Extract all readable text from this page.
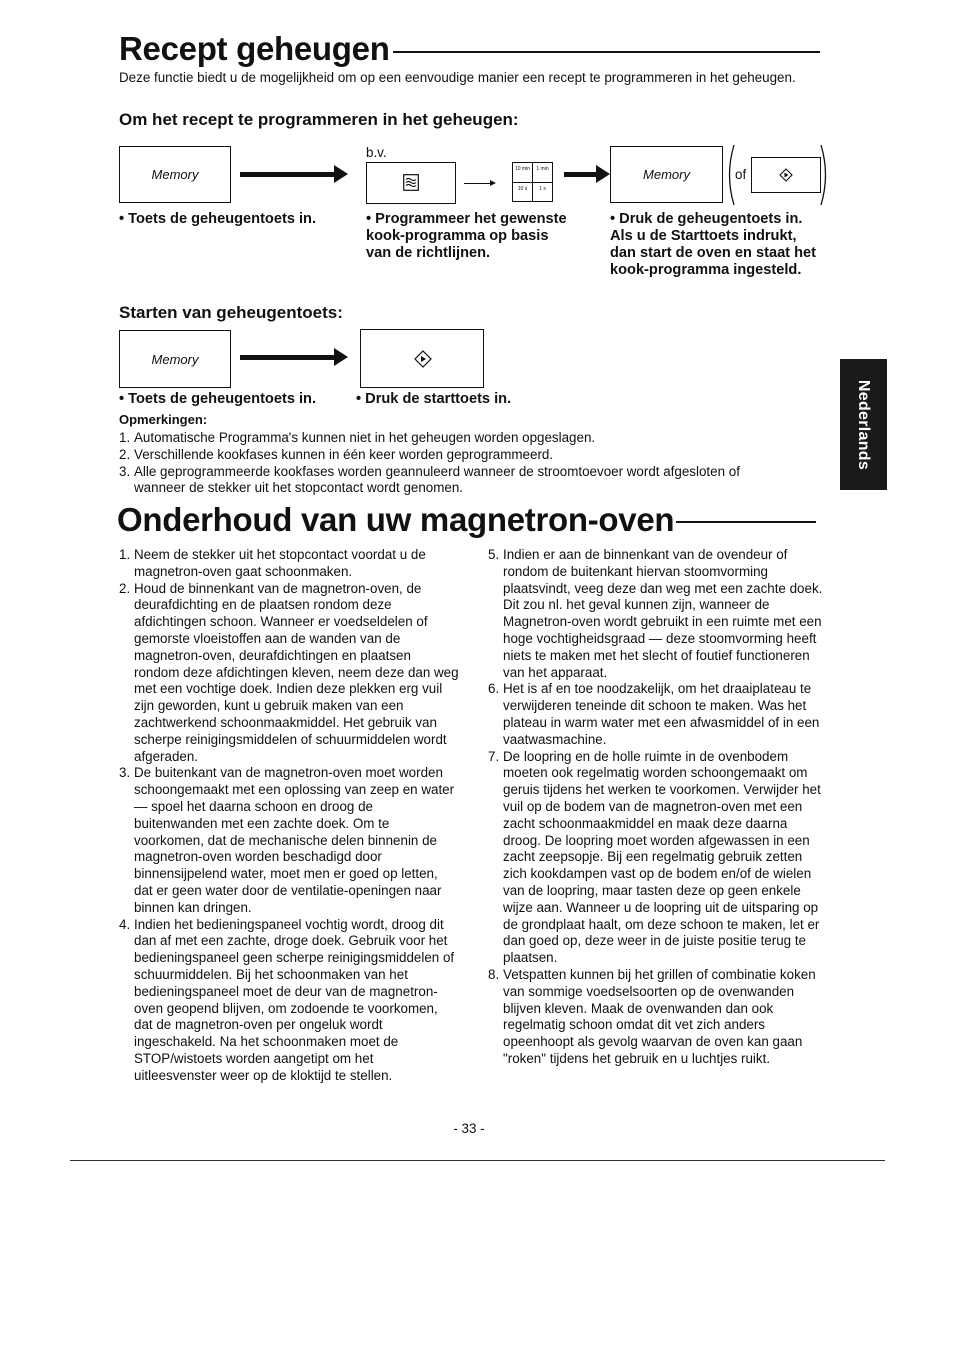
Recept geheugen
Deze functie biedt u de mogelijkheid om op een eenvoudige manier een recept te programmeren in het geheugen.
Om het recept te programmeren in het geheugen:
Memory
b.v.
10 min	1 min
10 s	1 s
Memory	of
• Toets de geheugentoets in.	• Programmeer het gewenste kook-programma op basis van de richtlijnen.
• Druk de geheugentoets in. Als u de Starttoets indrukt, dan start de oven en staat het kook-programma ingesteld.
Starten van geheugentoets:
Memory
• Toets de geheugentoets in.	• Druk de starttoets in.
Opmerkingen:
1. Automatische Programma's kunnen niet in het geheugen worden opgeslagen.
2. Verschillende kookfases kunnen in één keer worden geprogrammeerd.
3. Alle geprogrammeerde kookfases worden geannuleerd wanneer de stroomtoevoer wordt afgesloten of wanneer de stekker uit het stopcontact wordt genomen.
Onderhoud van uw magnetron-oven
1. Neem de stekker uit het stopcontact voordat u de magnetron-oven gaat schoonmaken.
2. Houd de binnenkant van de magnetron-oven, de deurafdichting en de plaatsen rondom deze afdichtingen schoon. Wanneer er voedseldelen of gemorste vloeistoffen aan de wanden van de magnetron-oven, deurafdichtingen en plaatsen rondom deze afdichtingen kleven, neem deze dan weg met een vochtige doek. Indien deze plekken erg vuil zijn geworden, kunt u gebruik maken van een zachtwerkend schoonmaakmiddel. Het gebruik van scherpe reinigingsmiddelen of schuurmiddelen wordt afgeraden.
3. De buitenkant van de magnetron-oven moet worden schoongemaakt met een oplossing van zeep en water — spoel het daarna schoon en droog de buitenwanden met een zachte doek. Om te voorkomen, dat de mechanische delen binnenin de magnetron-oven worden beschadigd door binnensijpelend water, moet men er goed op letten, dat er geen water door de ventilatie-openingen naar binnen kan dringen.
4. Indien het bedieningspaneel vochtig wordt, droog dit dan af met een zachte, droge doek. Gebruik voor het bedieningspaneel geen scherpe reinigingsmiddelen of schuurmiddelen. Bij het schoonmaken van het bedieningspaneel moet de deur van de magnetron-oven geopend blijven, om zodoende te voorkomen, dat de magnetron-oven per ongeluk wordt ingeschakeld. Na het schoonmaken moet de STOP/wistoets worden aangetipt om het uitleesvenster weer op de kloktijd te stellen.
5. Indien er aan de binnenkant van de ovendeur of rondom de buitenkant hiervan stoomvorming plaatsvindt, veeg deze dan weg met een zachte doek. Dit zou nl. het geval kunnen zijn, wanneer de Magnetron-oven wordt gebruikt in een ruimte met een hoge vochtigheidsgraad — deze stoomvorming heeft niets te maken met het slecht of foutief functioneren van het apparaat.
6. Het is af en toe noodzakelijk, om het draaiplateau te verwijderen teneinde dit schoon te maken. Was het plateau in warm water met een afwasmiddel of in een vaatwasmachine.
7. De loopring en de holle ruimte in de ovenbodem moeten ook regelmatig worden schoongemaakt om geruis tijdens het werken te voorkomen. Verwijder het vuil op de bodem van de magnetron-oven met een zacht schoonmaakmiddel en maak deze daarna droog. De loopring moet worden afgewassen in een zacht zeepsopje. Bij een regelmatig gebruik zetten zich kookdampen vast op de bodem en/of de wielen van de loopring, maar tasten deze op geen enkele wijze aan. Wanneer u de loopring uit de uitsparing op de grondplaat haalt, om deze schoon te maken, let er dan goed op, deze weer in de juiste positie terug te plaatsen.
8. Vetspatten kunnen bij het grillen of combinatie koken van sommige voedselsoorten op de ovenwanden blijven kleven. Maak de ovenwanden dan ook regelmatig schoon omdat dit vet zich anders opeenhoopt als gevolg waarvan de oven kan gaan "roken" tijdens het gebruik en u luchtjes ruikt.
Nederlands
- 33 -
